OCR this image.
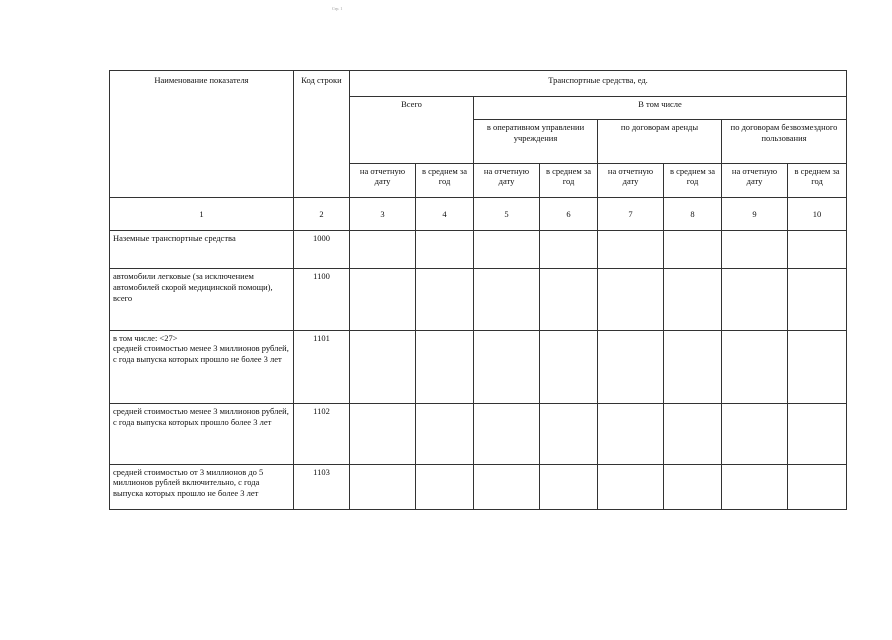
Стр. 1
Наименование показателя	Код строки	Транспортные средства, ед.							
		Всего		В том числе					
				в оперативном управлении учреждения		по договорам аренды		по договорам безвозмездного пользования	
		на отчетную дату	в среднем за год	на отчетную дату	в среднем за год	на отчетную дату	в среднем за год	на отчетную дату	в среднем за год
1	2	3	4	5	6	7	8	9	10
Наземные транспортные средства	1000								
автомобили легковые (за исключением автомобилей скорой медицинской помощи), всего	1100								

в том числе: <27>
средней стоимостью менее 3 миллионов рублей, с года выпуска которых прошло не более 3 лет	1101								
средней стоимостью менее 3 миллионов рублей, с года выпуска которых прошло более 3 лет	1102								
средней стоимостью от 3 миллионов до 5 миллионов рублей включительно, с года выпуска которых прошло не более 3 лет	1103								
